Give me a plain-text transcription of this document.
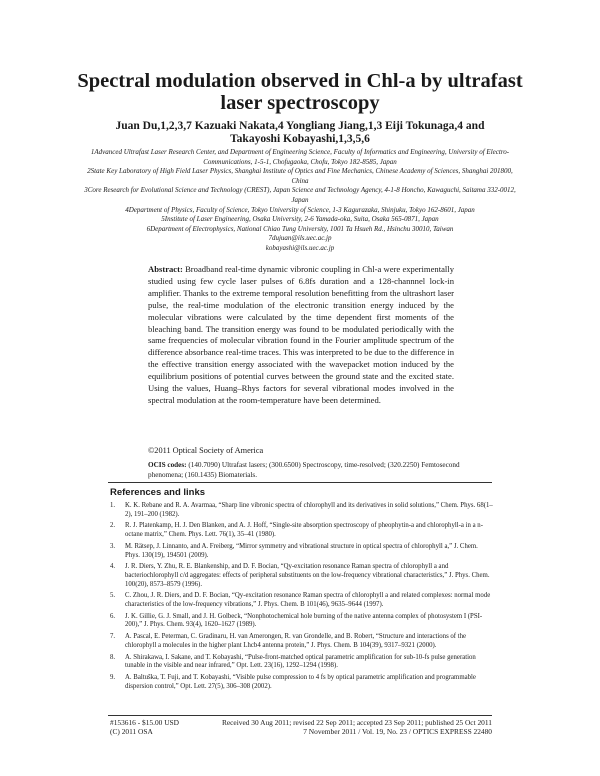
Spectral modulation observed in Chl-a by ultrafast laser spectroscopy
Juan Du,1,2,3,7 Kazuaki Nakata,4 Yongliang Jiang,1,3 Eiji Tokunaga,4 and Takayoshi Kobayashi,1,3,5,6
1Advanced Ultrafast Laser Research Center, and Department of Engineering Science, Faculty of Informatics and Engineering, University of Electro-Communications, 1-5-1, Chofugaoka, Chofu, Tokyo 182-8585, Japan
2State Key Laboratory of High Field Laser Physics, Shanghai Institute of Optics and Fine Mechanics, Chinese Academy of Sciences, Shanghai 201800, China
3Core Research for Evolutional Science and Technology (CREST), Japan Science and Technology Agency, 4-1-8 Honcho, Kawaguchi, Saitama 332-0012, Japan
4Department of Physics, Faculty of Science, Tokyo University of Science, 1-3 Kagurazaka, Shinjuku, Tokyo 162-8601, Japan
5Institute of Laser Engineering, Osaka University, 2-6 Yamada-oka, Suita, Osaka 565-0871, Japan
6Department of Electrophysics, National Chiao Tung University, 1001 Ta Hsueh Rd., Hsinchu 30010, Taiwan
7dujuan@ils.uec.ac.jp
kobayashi@ils.uec.ac.jp
Abstract: Broadband real-time dynamic vibronic coupling in Chl-a were experimentally studied using few cycle laser pulses of 6.8fs duration and a 128-channnel lock-in amplifier. Thanks to the extreme temporal resolution benefitting from the ultrashort laser pulse, the real-time modulation of the electronic transition energy induced by the molecular vibrations were calculated by the time dependent first moments of the bleaching band. The transition energy was found to be modulated periodically with the same frequencies of molecular vibration found in the Fourier amplitude spectrum of the difference absorbance real-time traces. This was interpreted to be due to the difference in the effective transition energy associated with the wavepacket motion induced by the equilibrium positions of potential curves between the ground state and the excited state. Using the values, Huang–Rhys factors for several vibrational modes involved in the spectral modulation at the room-temperature have been determined.
©2011 Optical Society of America
OCIS codes: (140.7090) Ultrafast lasers; (300.6500) Spectroscopy, time-resolved; (320.2250) Femtosecond phenomena; (160.1435) Biomaterials.
References and links
1.	K. K. Rebane and R. A. Avarmaa, “Sharp line vibronic spectra of chlorophyll and its derivatives in solid solutions,” Chem. Phys. 68(1–2), 191–200 (1982).
2.	R. J. Platenkamp, H. J. Den Blanken, and A. J. Hoff, “Single-site absorption spectroscopy of pheophytin-a and chlorophyll-a in a n-octane matrix,” Chem. Phys. Lett. 76(1), 35–41 (1980).
3.	M. Rätsep, J. Linnanto, and A. Freiberg, “Mirror symmetry and vibrational structure in optical spectra of chlorophyll a,” J. Chem. Phys. 130(19), 194501 (2009).
4.	J. R. Diers, Y. Zhu, R. E. Blankenship, and D. F. Bocian, “Qy-excitation resonance Raman spectra of chlorophyll a and bacteriochlorophyll c/d aggregates: effects of peripheral substituents on the low-frequency vibrational characteristics,” J. Phys. Chem. 100(20), 8573–8579 (1996).
5.	C. Zhou, J. R. Diers, and D. F. Bocian, “Qy-excitation resonance Raman spectra of chlorophyll a and related complexes: normal mode characteristics of the low-frequency vibrations,” J. Phys. Chem. B 101(46), 9635–9644 (1997).
6.	J. K. Gillie, G. J. Small, and J. H. Golbeck, “Nonphotochemical hole burning of the native antenna complex of photosystem I (PSI-200),” J. Phys. Chem. 93(4), 1620–1627 (1989).
7.	A. Pascal, E. Peterman, C. Gradinaru, H. van Amerongen, R. van Grondelle, and B. Robert, “Structure and interactions of the chlorophyll a molecules in the higher plant Lhcb4 antenna protein,” J. Phys. Chem. B 104(39), 9317–9321 (2000).
8.	A. Shirakawa, I. Sakane, and T. Kobayashi, “Pulse-front-matched optical parametric amplification for sub-10-fs pulse generation tunable in the visible and near infrared,” Opt. Lett. 23(16), 1292–1294 (1998).
9.	A. Baltuška, T. Fuji, and T. Kobayashi, “Visible pulse compression to 4 fs by optical parametric amplification and programmable dispersion control,” Opt. Lett. 27(5), 306–308 (2002).
#153616 - $15.00 USD	Received 30 Aug 2011; revised 22 Sep 2011; accepted 23 Sep 2011; published 25 Oct 2011
(C) 2011 OSA	7 November 2011 / Vol. 19, No. 23 / OPTICS EXPRESS 22480
